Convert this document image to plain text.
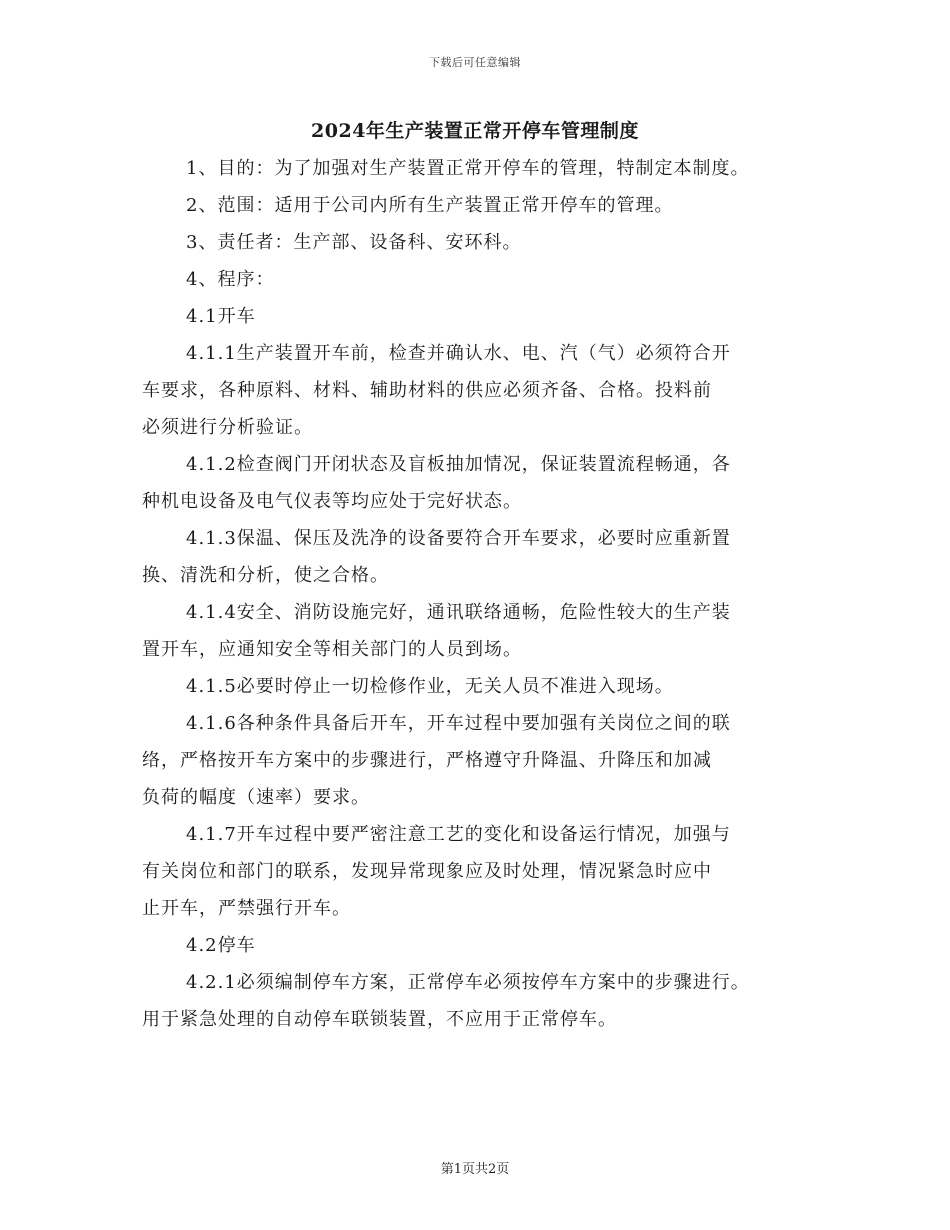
下载后可任意编辑
2024年生产装置正常开停车管理制度

1、目的：为了加强对生产装置正常开停车的管理，特制定本制度。

2、范围：适用于公司内所有生产装置正常开停车的管理。

3、责任者：生产部、设备科、安环科。

4、程序：

4.1开车

4.1.1生产装置开车前，检查并确认水、电、汽（气）必须符合开
车要求，各种原料、材料、辅助材料的供应必须齐备、合格。投料前
必须进行分析验证。

4.1.2检查阀门开闭状态及盲板抽加情况，保证装置流程畅通，各
种机电设备及电气仪表等均应处于完好状态。

4.1.3保温、保压及洗净的设备要符合开车要求，必要时应重新置
换、清洗和分析，使之合格。

4.1.4安全、消防设施完好，通讯联络通畅，危险性较大的生产装
置开车，应通知安全等相关部门的人员到场。

4.1.5必要时停止一切检修作业，无关人员不准进入现场。

4.1.6各种条件具备后开车，开车过程中要加强有关岗位之间的联
络，严格按开车方案中的步骤进行，严格遵守升降温、升降压和加减
负荷的幅度（速率）要求。

4.1.7开车过程中要严密注意工艺的变化和设备运行情况，加强与
有关岗位和部门的联系，发现异常现象应及时处理，情况紧急时应中
止开车，严禁强行开车。

4.2停车

4.2.1必须编制停车方案，正常停车必须按停车方案中的步骤进行。
用于紧急处理的自动停车联锁装置，不应用于正常停车。

第1页共2页
